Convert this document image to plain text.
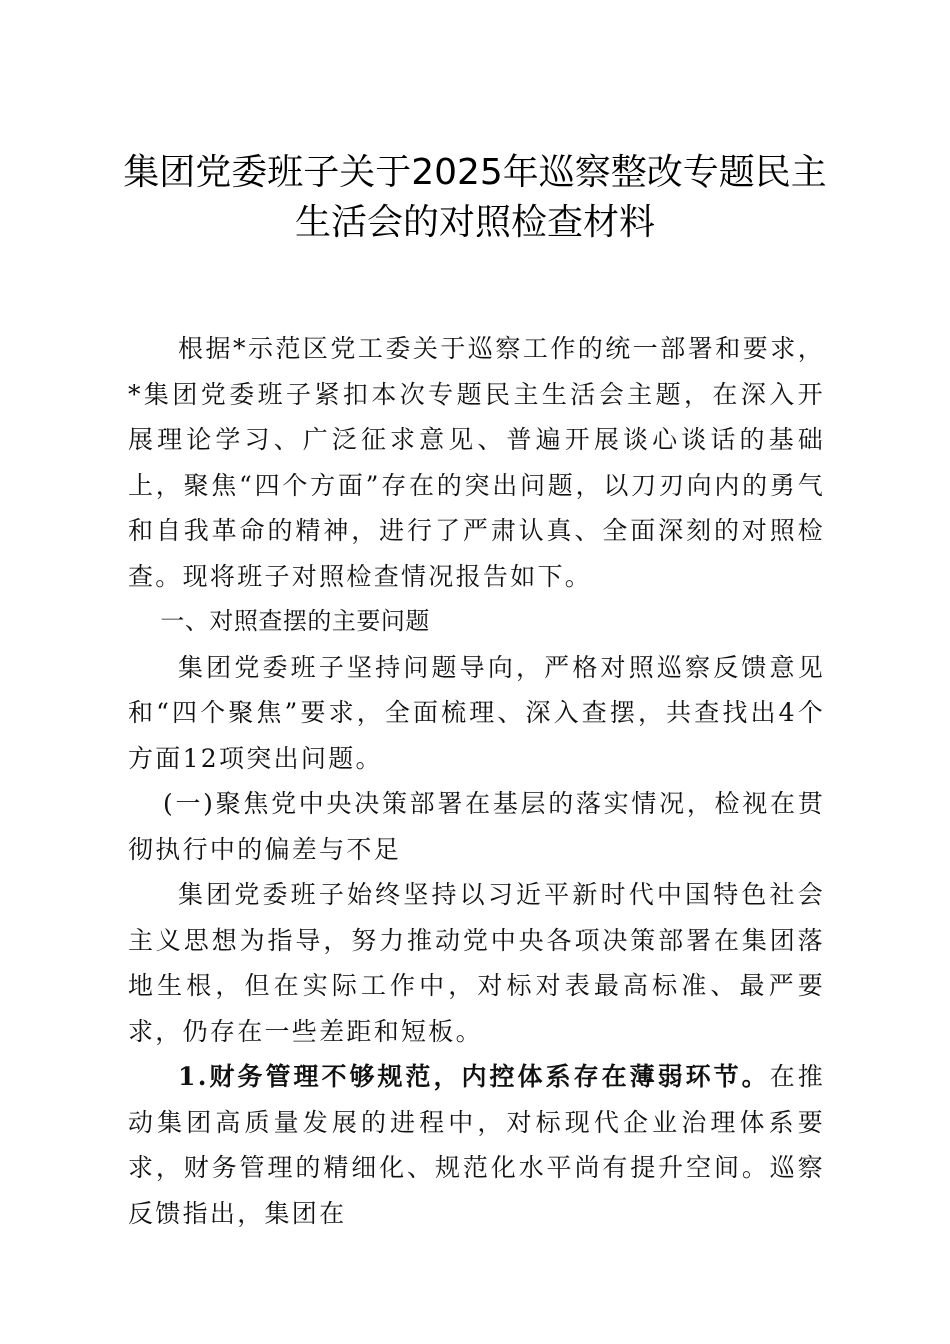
集团党委班子关于2025年巡察整改专题民主
生活会的对照检查材料

根据*示范区党工委关于巡察工作的统一部署和要求，*集团党委班子紧扣本次专题民主生活会主题，在深入开展理论学习、广泛征求意见、普遍开展谈心谈话的基础上，聚焦“四个方面”存在的突出问题，以刀刃向内的勇气和自我革命的精神，进行了严肃认真、全面深刻的对照检查。现将班子对照检查情况报告如下。

一、对照查摆的主要问题

集团党委班子坚持问题导向，严格对照巡察反馈意见和“四个聚焦”要求，全面梳理、深入查摆，共查找出4个方面12项突出问题。

(一)聚焦党中央决策部署在基层的落实情况，检视在贯彻执行中的偏差与不足

集团党委班子始终坚持以习近平新时代中国特色社会主义思想为指导，努力推动党中央各项决策部署在集团落地生根，但在实际工作中，对标对表最高标准、最严要求，仍存在一些差距和短板。

1.财务管理不够规范，内控体系存在薄弱环节。在推动集团高质量发展的进程中，对标现代企业治理体系要求，财务管理的精细化、规范化水平尚有提升空间。巡察反馈指出，集团在
